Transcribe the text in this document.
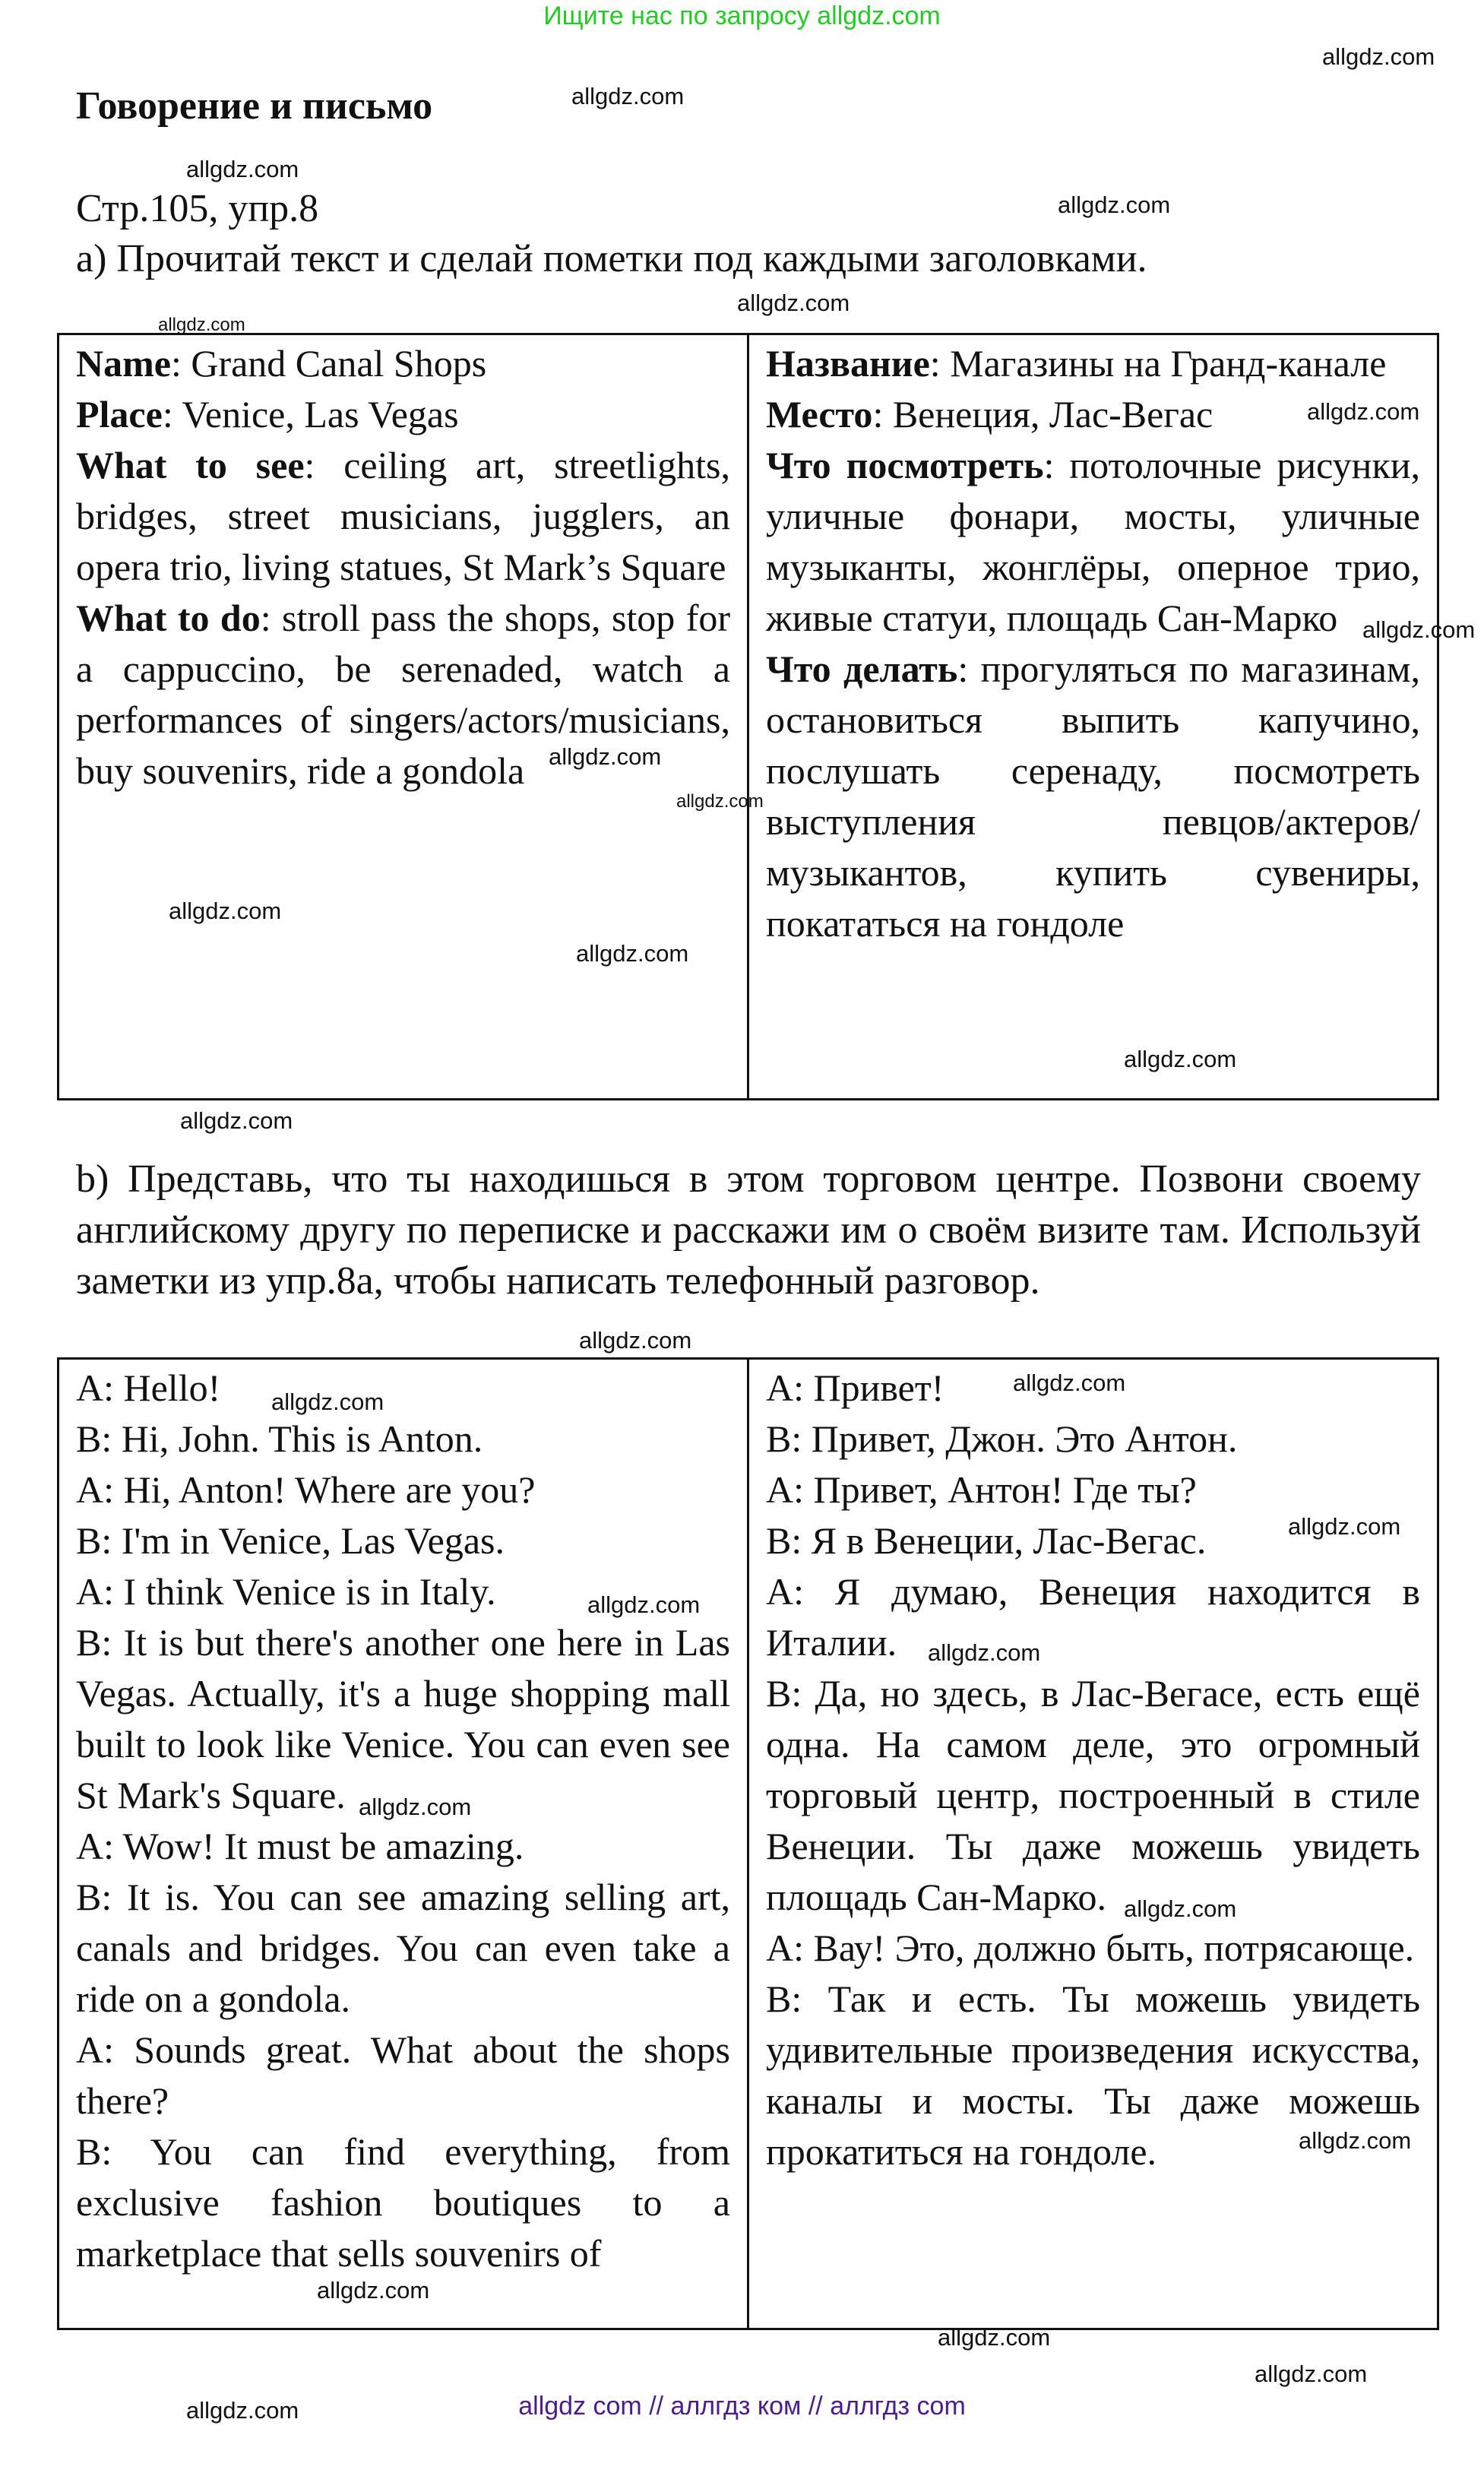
Ищите нас по запросу allgdz.com
Говорение и письмо
Стр.105, упр.8
а) Прочитай текст и сделай пометки под каждыми заголовками.
Name: Grand Canal Shops
Place: Venice, Las Vegas
What to see: ceiling art, streetlights, bridges, street musicians, jugglers, an opera trio, living statues, St Mark’s Square
What to do: stroll pass the shops, stop for a cappuccino, be serenaded, watch a performances of singers/actors/musicians, buy souvenirs, ride a gondola

Название: Магазины на Гранд-канале
Место: Венеция, Лас-Вегас
Что посмотреть: потолочные рисунки, уличные фонари, мосты, уличные музыканты, жонглёры, оперное трио, живые статуи, площадь Сан-Марко
Что делать: прогуляться по магазинам, остановиться выпить капучино, послушать серенаду, посмотреть выступления певцов/актеров/музыкантов, купить сувениры, покататься на гондоле
b) Представь, что ты находишься в этом торговом центре. Позвони своему английскому другу по переписке и расскажи им о своём визите там. Используй заметки из упр.8а, чтобы написать телефонный разговор.
A: Hello!
B: Hi, John. This is Anton.
A: Hi, Anton! Where are you?
B: I'm in Venice, Las Vegas.
A: I think Venice is in Italy.
B: It is but there's another one here in Las Vegas. Actually, it's a huge shopping mall built to look like Venice. You can even see St Mark's Square.
A: Wow! It must be amazing.
B: It is. You can see amazing selling art, canals and bridges. You can even take a ride on a gondola.
A: Sounds great. What about the shops there?
B: You can find everything, from exclusive fashion boutiques to a marketplace that sells souvenirs of

А: Привет!
В: Привет, Джон. Это Антон.
А: Привет, Антон! Где ты?
В: Я в Венеции, Лас-Вегас.
А: Я думаю, Венеция находится в Италии.
В: Да, но здесь, в Лас-Вегасе, есть ещё одна. На самом деле, это огромный торговый центр, построенный в стиле Венеции. Ты даже можешь увидеть площадь Сан-Марко.
А: Вау! Это, должно быть, потрясающе.
В: Так и есть. Ты можешь увидеть удивительные произведения искусства, каналы и мосты. Ты даже можешь прокатиться на гондоле.
allgdz com // аллгдз ком // аллгдз com
allgdz.com
allgdz.com
allgdz.com
allgdz.com
allgdz.com
allgdz.com
allgdz.com
allgdz.com
allgdz.com
allgdz.com
allgdz.com
allgdz.com
allgdz.com
allgdz.com
allgdz.com
allgdz.com
allgdz.com
allgdz.com
allgdz.com
allgdz.com
allgdz.com
allgdz.com
allgdz.com
allgdz.com
allgdz.com
allgdz.com
allgdz.com
